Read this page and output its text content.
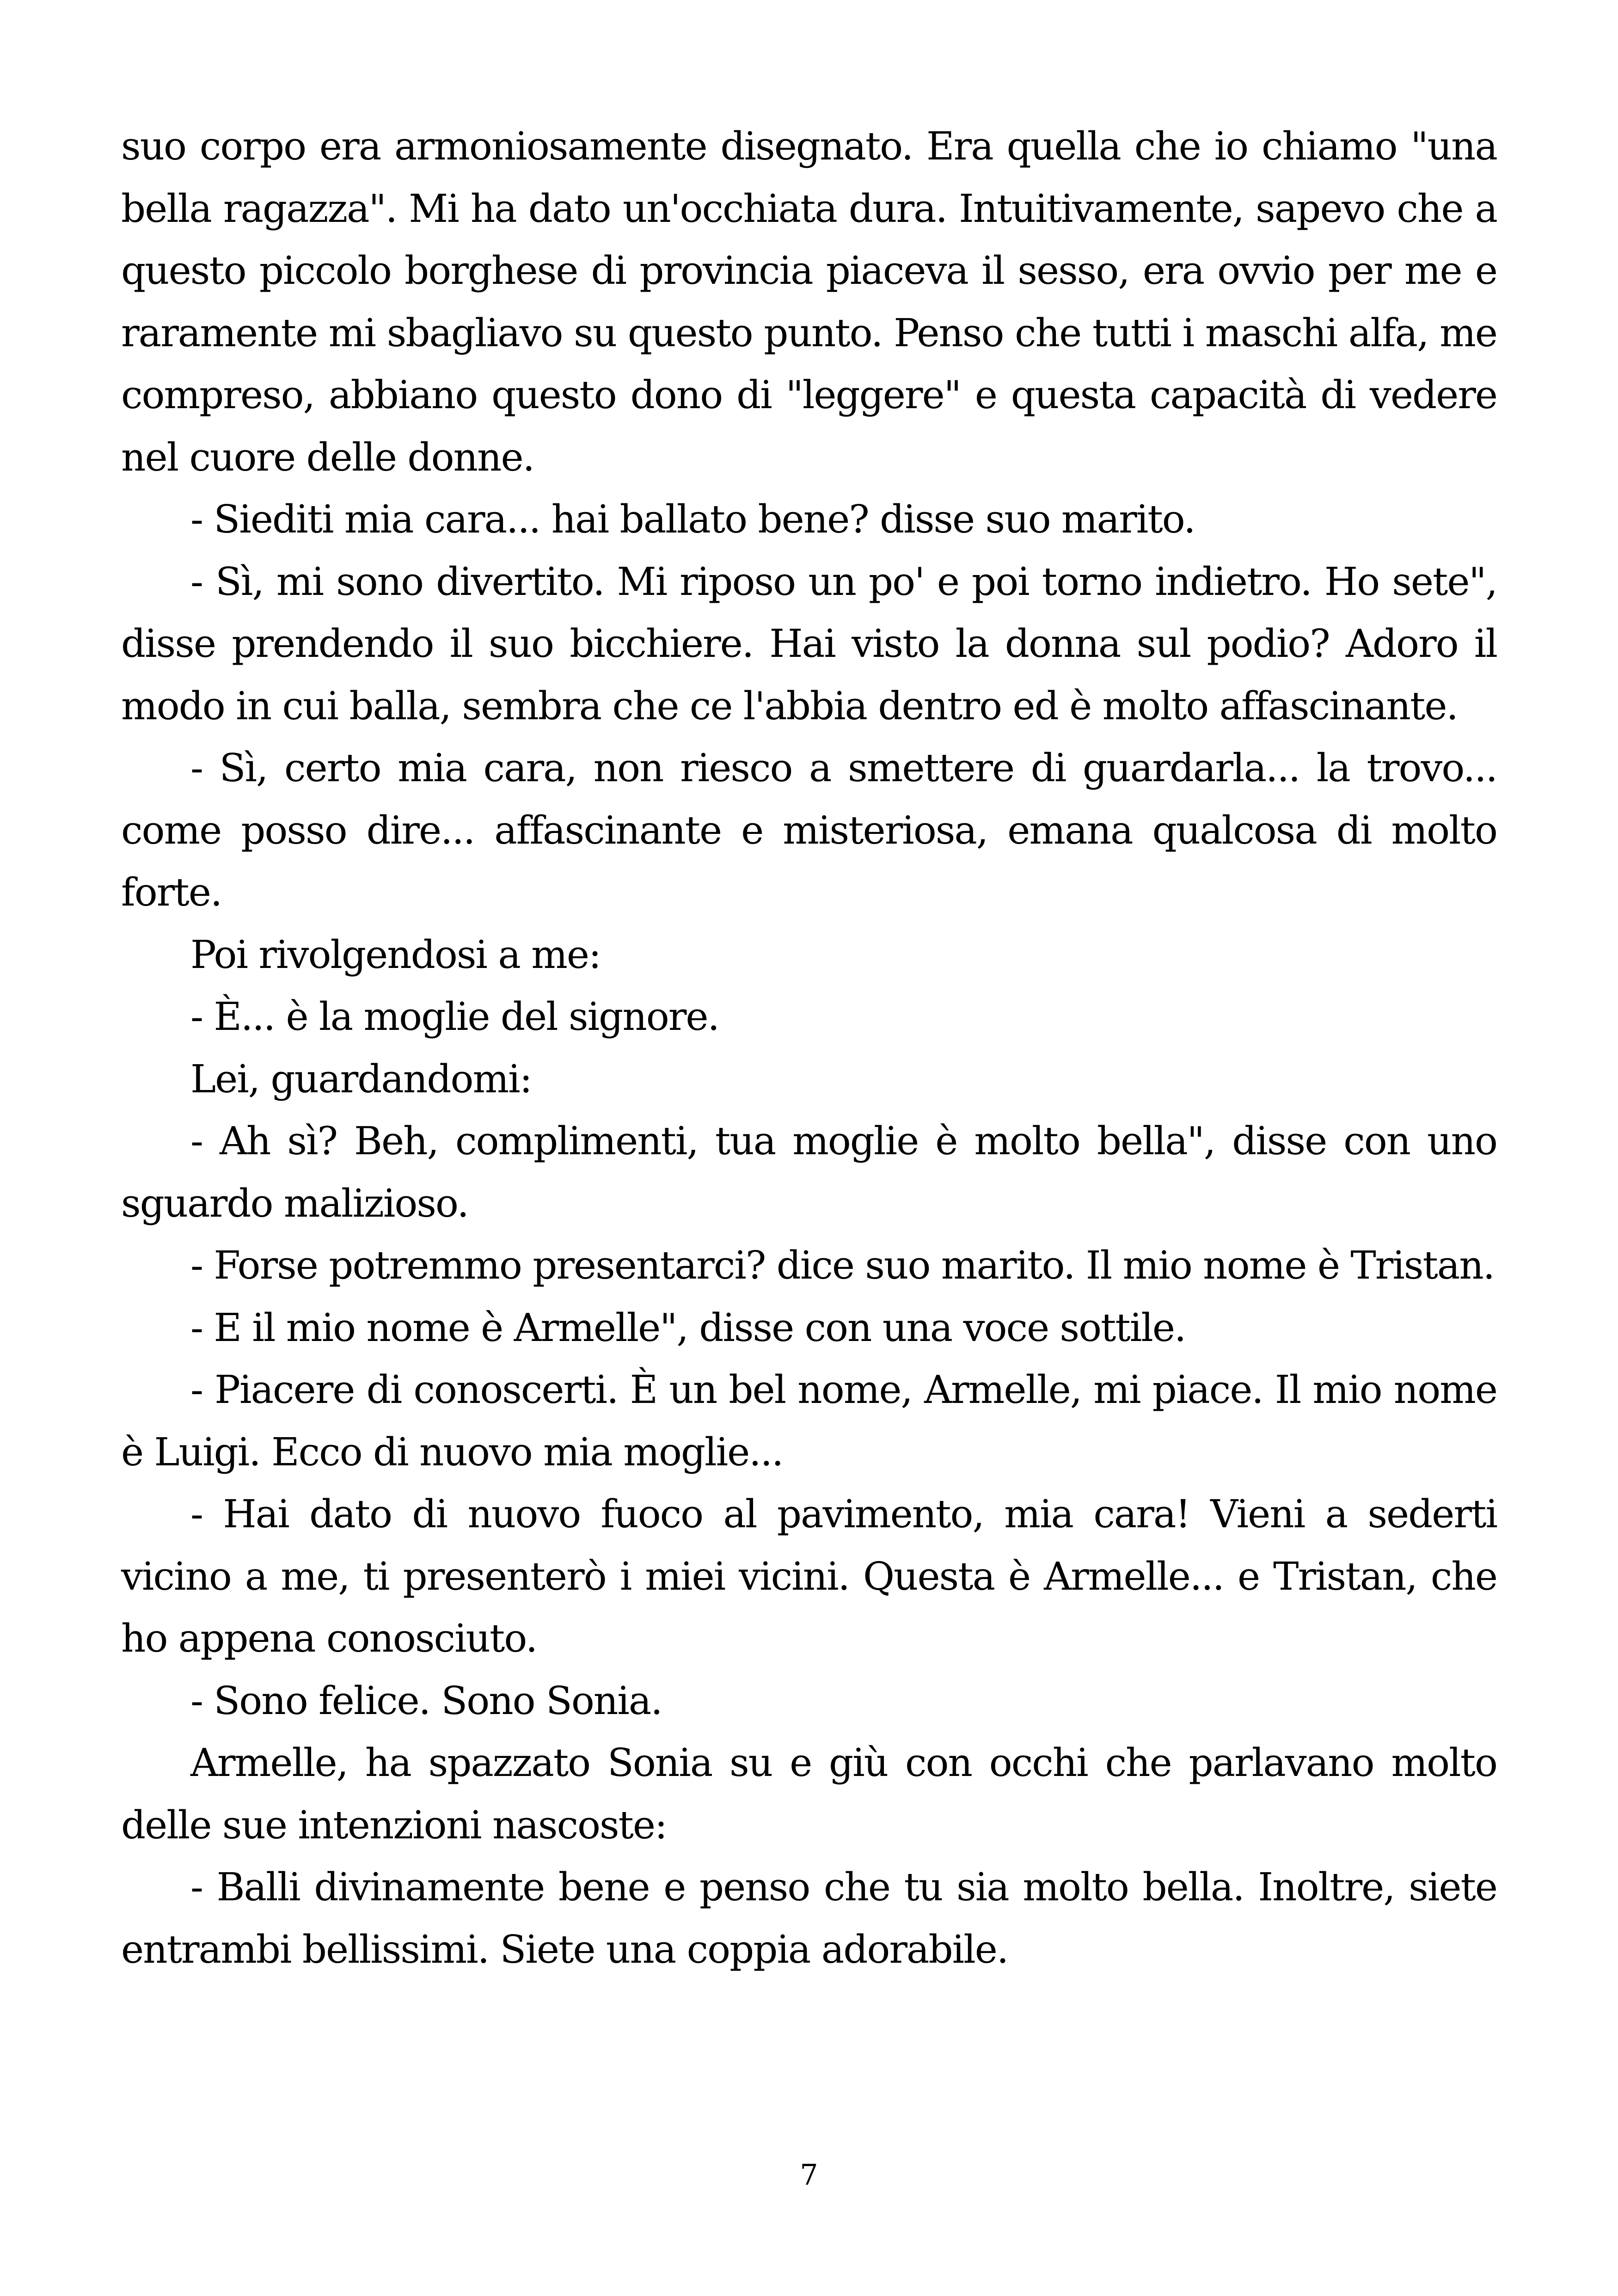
suo corpo era armoniosamente disegnato. Era quella che io chiamo "una bella ragazza". Mi ha dato un'occhiata dura. Intuitivamente, sapevo che a questo piccolo borghese di provincia piaceva il sesso, era ovvio per me e raramente mi sbagliavo su questo punto. Penso che tutti i maschi alfa, me compreso, abbiano questo dono di "leggere" e questa capacità di vedere nel cuore delle donne.

- Siediti mia cara... hai ballato bene? disse suo marito.

- Sì, mi sono divertito. Mi riposo un po' e poi torno indietro. Ho sete", disse prendendo il suo bicchiere. Hai visto la donna sul podio? Adoro il modo in cui balla, sembra che ce l'abbia dentro ed è molto affascinante.

- Sì, certo mia cara, non riesco a smettere di guardarla... la trovo... come posso dire... affascinante e misteriosa, emana qualcosa di molto forte.

Poi rivolgendosi a me:

- È... è la moglie del signore.

Lei, guardandomi:

- Ah sì? Beh, complimenti, tua moglie è molto bella", disse con uno sguardo malizioso.

- Forse potremmo presentarci? dice suo marito. Il mio nome è Tristan.

- E il mio nome è Armelle", disse con una voce sottile.

- Piacere di conoscerti. È un bel nome, Armelle, mi piace. Il mio nome è Luigi. Ecco di nuovo mia moglie...

- Hai dato di nuovo fuoco al pavimento, mia cara! Vieni a sederti vicino a me, ti presenterò i miei vicini. Questa è Armelle... e Tristan, che ho appena conosciuto.

- Sono felice. Sono Sonia.

Armelle, ha spazzato Sonia su e giù con occhi che parlavano molto delle sue intenzioni nascoste:

- Balli divinamente bene e penso che tu sia molto bella. Inoltre, siete entrambi bellissimi. Siete una coppia adorabile.

7
